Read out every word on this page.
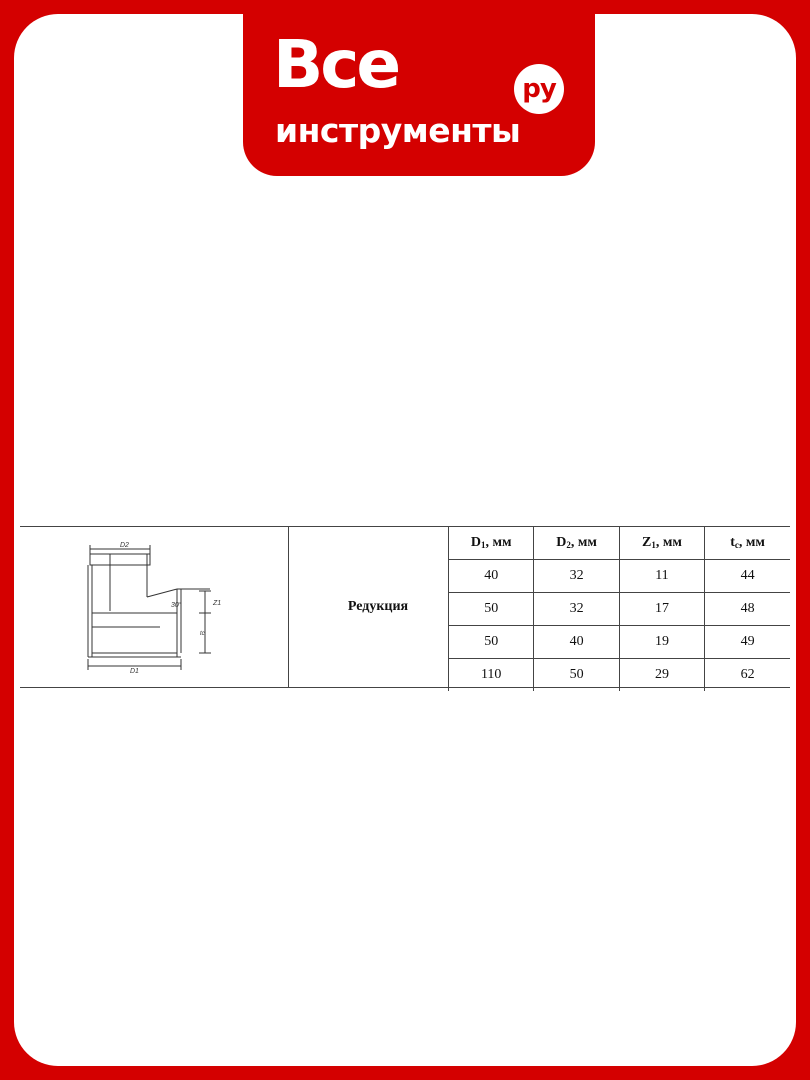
Все
инструменты
ру
D2
D1
Z1
tc
30°	Редукция
$D_1$, мм	$D_2$, мм	$Z_1$, мм	$t_c$, мм
40	32	11	44
50	32	17	48
50	40	19	49
110	50	29	62
